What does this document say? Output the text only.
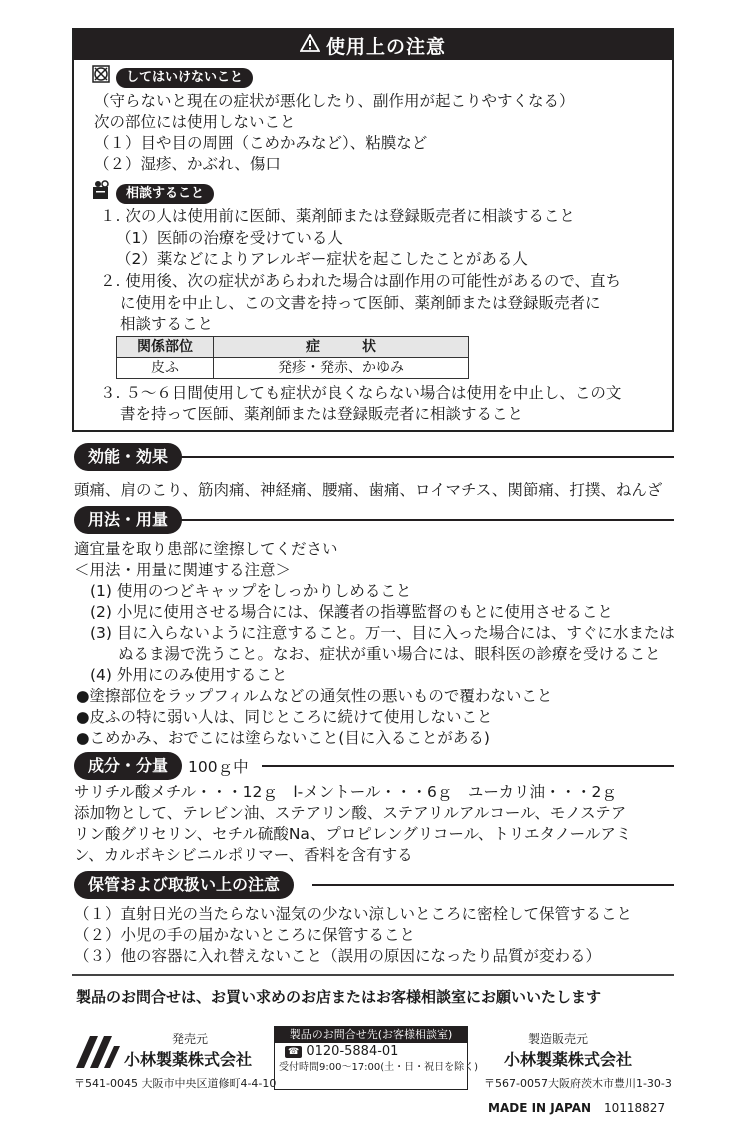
使用上の注意
してはいけないこと
（守らないと現在の症状が悪化したり、副作用が起こりやすくなる）
次の部位には使用しないこと
（１）目や目の周囲（こめかみなど）、粘膜など
（２）湿疹、かぶれ、傷口
相談すること
１. 次の人は使用前に医師、薬剤師または登録販売者に相談すること
（1）医師の治療を受けている人
（2）薬などによりアレルギー症状を起こしたことがある人
２. 使用後、次の症状があらわれた場合は副作用の可能性があるので、直ち
に使用を中止し、この文書を持って医師、薬剤師または登録販売者に
相談すること
関係部位	症　　　状
皮ふ	発疹・発赤、かゆみ
３. ５～６日間使用しても症状が良くならない場合は使用を中止し、この文
書を持って医師、薬剤師または登録販売者に相談すること
効能・効果
頭痛、肩のこり、筋肉痛、神経痛、腰痛、歯痛、ロイマチス、関節痛、打撲、ねんざ
用法・用量
適宜量を取り患部に塗擦してください
＜用法・用量に関連する注意＞
(1) 使用のつどキャップをしっかりしめること
(2) 小児に使用させる場合には、保護者の指導監督のもとに使用させること
(3) 目に入らないように注意すること。万一、目に入った場合には、すぐに水または
ぬるま湯で洗うこと。なお、症状が重い場合には、眼科医の診療を受けること
(4) 外用にのみ使用すること
●塗擦部位をラップフィルムなどの通気性の悪いもので覆わないこと
●皮ふの特に弱い人は、同じところに続けて使用しないこと
●こめかみ、おでこには塗らないこと(目に入ることがある)
成分・分量	100ｇ中
サリチル酸メチル・・・12ｇ　l-メントール・・・6ｇ　ユーカリ油・・・2ｇ
添加物として、テレビン油、ステアリン酸、ステアリルアルコール、モノステア
リン酸グリセリン、セチル硫酸Na、プロピレングリコール、トリエタノールアミ
ン、カルボキシビニルポリマー、香料を含有する
保管および取扱い上の注意
（１）直射日光の当たらない湿気の少ない涼しいところに密栓して保管すること
（２）小児の手の届かないところに保管すること
（３）他の容器に入れ替えないこと（誤用の原因になったり品質が変わる）
製品のお問合せは、お買い求めのお店またはお客様相談室にお願いいたします
発売元
小林製薬株式会社
〒541-0045 大阪市中央区道修町4-4-10
製品のお問合せ先(お客様相談室)
☎ 0120-5884-01
受付時間9:00～17:00(土・日・祝日を除く)
製造販売元
小林製薬株式会社
〒567-0057大阪府茨木市豊川1-30-3
MADE IN JAPAN 10118827
